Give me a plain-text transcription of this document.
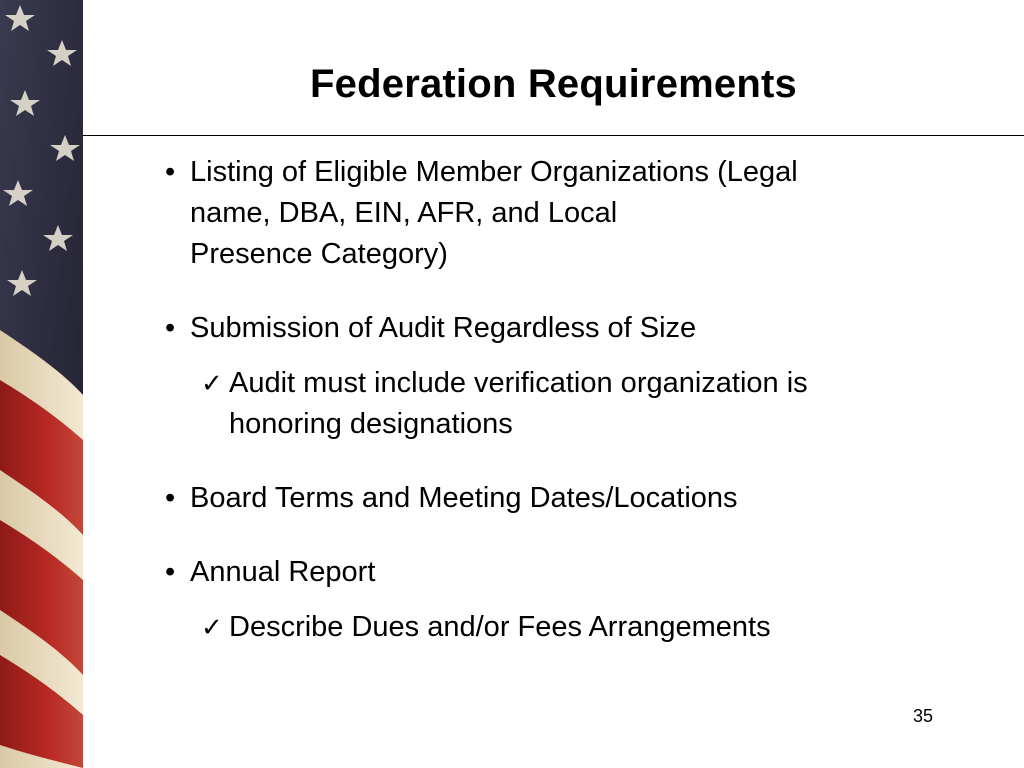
Federation Requirements
• Listing of Eligible Member Organizations (Legal
name, DBA, EIN, AFR, and Local
Presence Category)
• Submission of Audit Regardless of Size
✓ Audit must include verification organization is
honoring designations
• Board Terms and Meeting Dates/Locations
• Annual Report
✓ Describe Dues and/or Fees Arrangements
35
